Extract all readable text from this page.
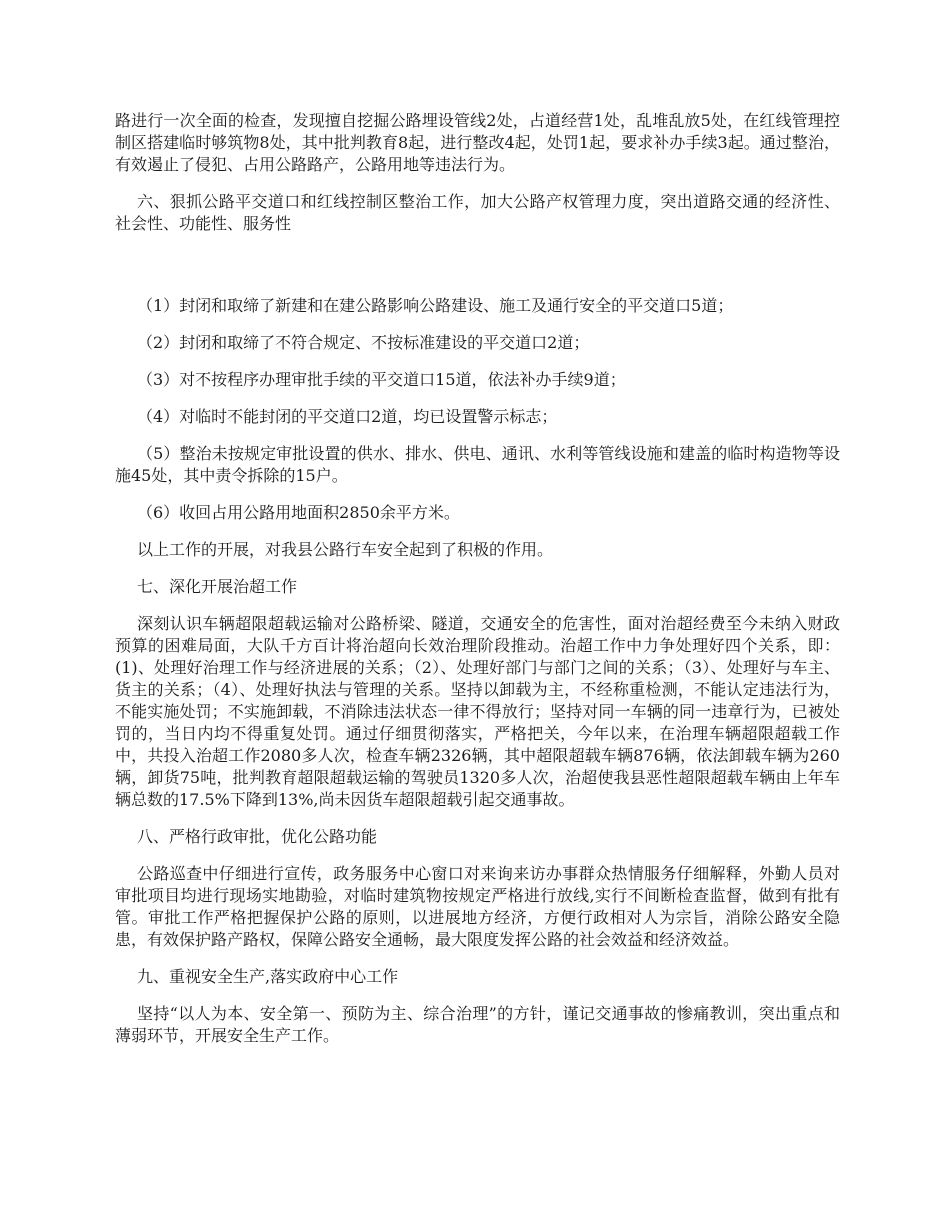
路进行一次全面的检查，发现擅自挖掘公路埋设管线2处，占道经营1处，乱堆乱放5处，在红线管理控制区搭建临时够筑物8处，其中批判教育8起，进行整改4起，处罚1起，要求补办手续3起。通过整治，有效遏止了侵犯、占用公路路产，公路用地等违法行为。

六、狠抓公路平交道口和红线控制区整治工作，加大公路产权管理力度，突出道路交通的经济性、社会性、功能性、服务性

（1）封闭和取缔了新建和在建公路影响公路建设、施工及通行安全的平交道口5道；

（2）封闭和取缔了不符合规定、不按标准建设的平交道口2道；

（3）对不按程序办理审批手续的平交道口15道，依法补办手续9道；

（4）对临时不能封闭的平交道口2道，均已设置警示标志；

（5）整治未按规定审批设置的供水、排水、供电、通讯、水利等管线设施和建盖的临时构造物等设施45处，其中责令拆除的15户。

（6）收回占用公路用地面积2850余平方米。

以上工作的开展，对我县公路行车安全起到了积极的作用。

七、深化开展治超工作

深刻认识车辆超限超载运输对公路桥梁、隧道，交通安全的危害性，面对治超经费至今未纳入财政预算的困难局面，大队千方百计将治超向长效治理阶段推动。治超工作中力争处理好四个关系，即：(1)、处理好治理工作与经济进展的关系；（2）、处理好部门与部门之间的关系；（3）、处理好与车主、货主的关系；（4）、处理好执法与管理的关系。坚持以卸载为主，不经称重检测，不能认定违法行为，不能实施处罚；不实施卸载，不消除违法状态一律不得放行；坚持对同一车辆的同一违章行为，已被处罚的，当日内均不得重复处罚。通过仔细贯彻落实，严格把关，今年以来，在治理车辆超限超载工作中，共投入治超工作2080多人次，检查车辆2326辆，其中超限超载车辆876辆，依法卸载车辆为260辆，卸货75吨，批判教育超限超载运输的驾驶员1320多人次，治超使我县恶性超限超载车辆由上年车辆总数的17.5%下降到13%,尚未因货车超限超载引起交通事故。

八、严格行政审批，优化公路功能

公路巡查中仔细进行宣传，政务服务中心窗口对来询来访办事群众热情服务仔细解释，外勤人员对审批项目均进行现场实地勘验，对临时建筑物按规定严格进行放线,实行不间断检查监督，做到有批有管。审批工作严格把握保护公路的原则，以进展地方经济，方便行政相对人为宗旨，消除公路安全隐患，有效保护路产路权，保障公路安全通畅，最大限度发挥公路的社会效益和经济效益。

九、重视安全生产,落实政府中心工作

坚持“以人为本、安全第一、预防为主、综合治理”的方针，谨记交通事故的惨痛教训，突出重点和薄弱环节，开展安全生产工作。
